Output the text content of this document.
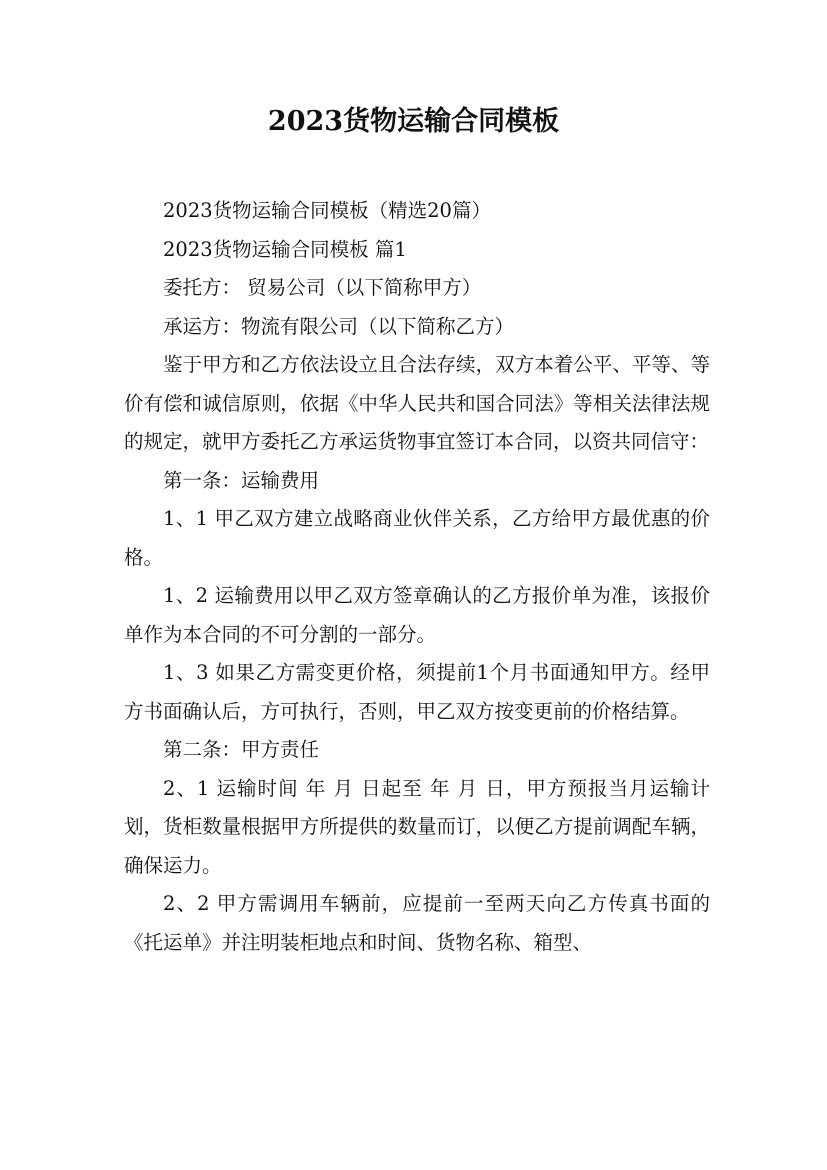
2023货物运输合同模板

2023货物运输合同模板（精选20篇）

2023货物运输合同模板 篇1

委托方： 贸易公司（以下简称甲方）

承运方：物流有限公司（以下简称乙方）

鉴于甲方和乙方依法设立且合法存续，双方本着公平、平等、等价有偿和诚信原则，依据《中华人民共和国合同法》等相关法律法规的规定，就甲方委托乙方承运货物事宜签订本合同，以资共同信守：

第一条：运输费用

1、1 甲乙双方建立战略商业伙伴关系，乙方给甲方最优惠的价格。

1、2 运输费用以甲乙双方签章确认的乙方报价单为准，该报价单作为本合同的不可分割的一部分。

1、3 如果乙方需变更价格，须提前1个月书面通知甲方。经甲方书面确认后，方可执行，否则，甲乙双方按变更前的价格结算。

第二条：甲方责任

2、1 运输时间 年 月 日起至 年 月 日，甲方预报当月运输计划，货柜数量根据甲方所提供的数量而订，以便乙方提前调配车辆，确保运力。

2、2 甲方需调用车辆前，应提前一至两天向乙方传真书面的《托运单》并注明装柜地点和时间、货物名称、箱型、
